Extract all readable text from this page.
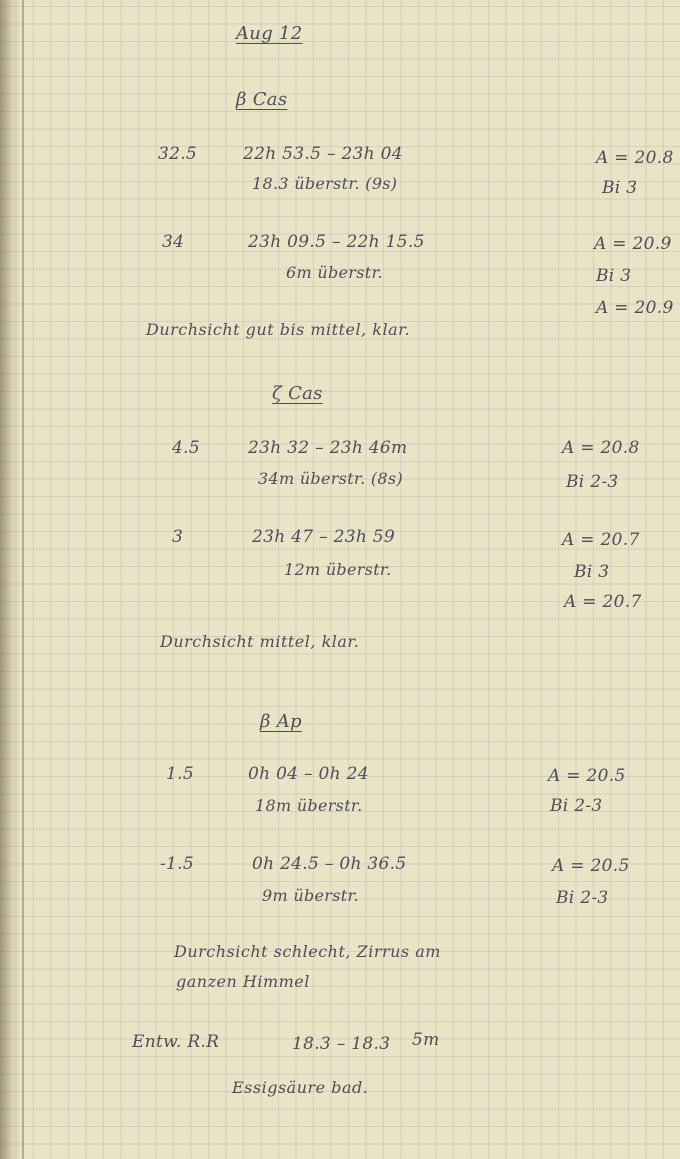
Aug 12
β Cas
32.5	22h 53.5 – 23h 04
18.3 überstr. (9s)
A = 20.8
Bi 3
34	23h 09.5 – 22h 15.5
6m überstr.
A = 20.9
Bi 3
A = 20.9
Durchsicht gut bis mittel, klar.
ζ Cas
4.5	23h 32 – 23h 46m
34m überstr. (8s)
A = 20.8
Bi 2-3
3	23h 47 – 23h 59
12m überstr.
A = 20.7
Bi 3
A = 20.7
Durchsicht mittel, klar.
β Ap
1.5	0h 04 – 0h 24
18m überstr.
A = 20.5
Bi 2-3
-1.5	0h 24.5 – 0h 36.5
9m überstr.
A = 20.5
Bi 2-3
Durchsicht schlecht, Zirrus am
ganzen Himmel
Entw. R.R	18.3 – 18.3 5m
Essigsäure bad.
